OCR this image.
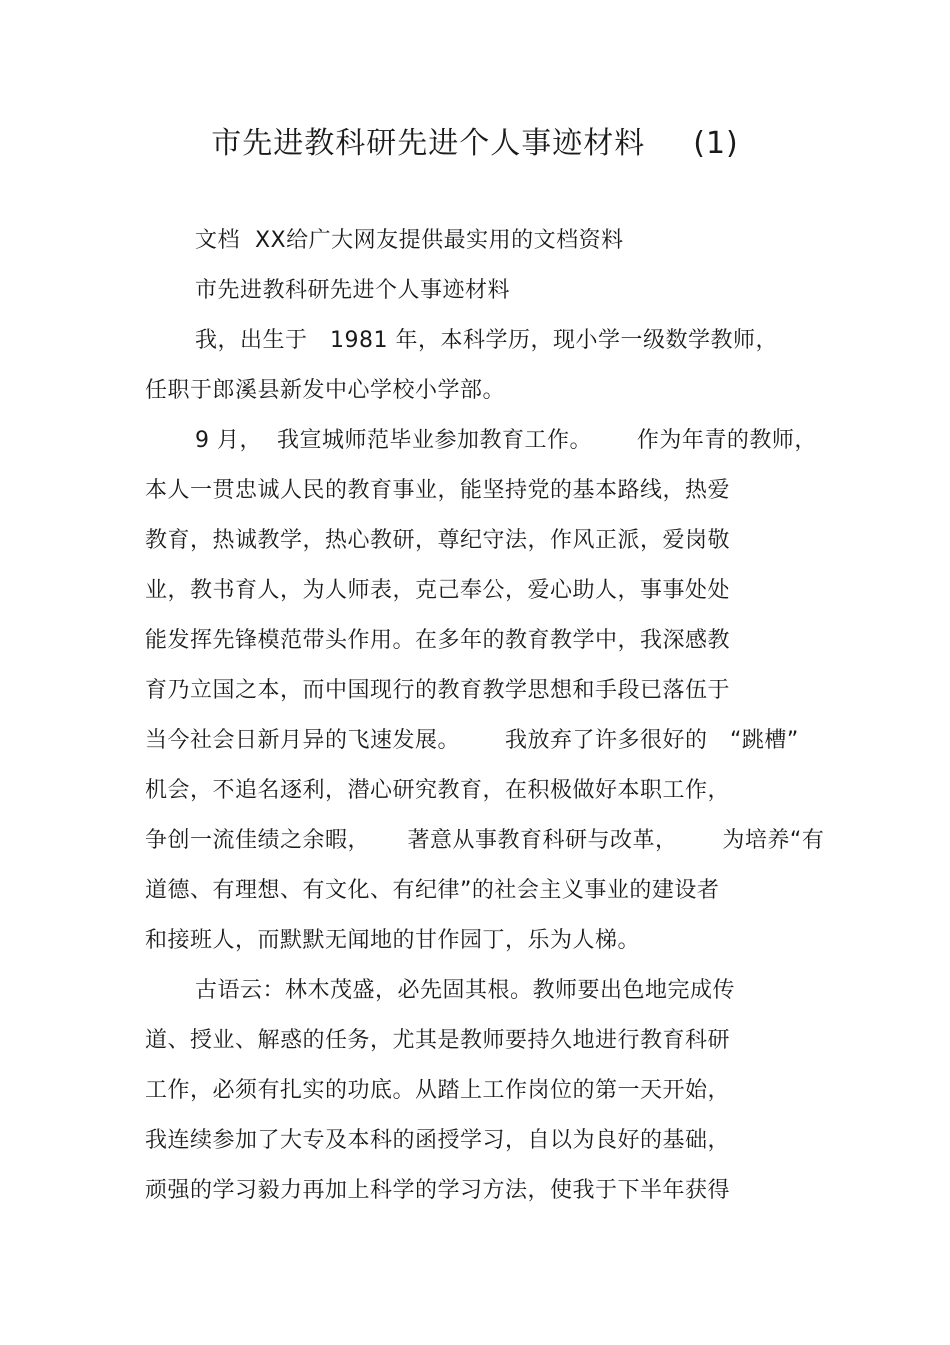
市先进教科研先进个人事迹材料 (1)
文档  XX给广大网友提供最实用的文档资料
市先进教科研先进个人事迹材料
我，出生于   1981 年，本科学历，现小学一级数学教师，
任职于郎溪县新发中心学校小学部。
9 月，  我宣城师范毕业参加教育工作。      作为年青的教师，
本人一贯忠诚人民的教育事业，能坚持党的基本路线，热爱
教育，热诚教学，热心教研，尊纪守法，作风正派，爱岗敬
业，教书育人，为人师表，克己奉公，爱心助人，事事处处
能发挥先锋模范带头作用。在多年的教育教学中，我深感教
育乃立国之本，而中国现行的教育教学思想和手段已落伍于
当今社会日新月异的飞速发展。      我放弃了许多很好的   “跳槽”
机会，不追名逐利，潜心研究教育，在积极做好本职工作，
争创一流佳绩之余暇，     著意从事教育科研与改革，      为培养“有
道德、有理想、有文化、有纪律”的社会主义事业的建设者
和接班人，而默默无闻地的甘作园丁，乐为人梯。
古语云：林木茂盛，必先固其根。教师要出色地完成传
道、授业、解惑的任务，尤其是教师要持久地进行教育科研
工作，必须有扎实的功底。从踏上工作岗位的第一天开始，
我连续参加了大专及本科的函授学习，自以为良好的基础，
顽强的学习毅力再加上科学的学习方法，使我于下半年获得
